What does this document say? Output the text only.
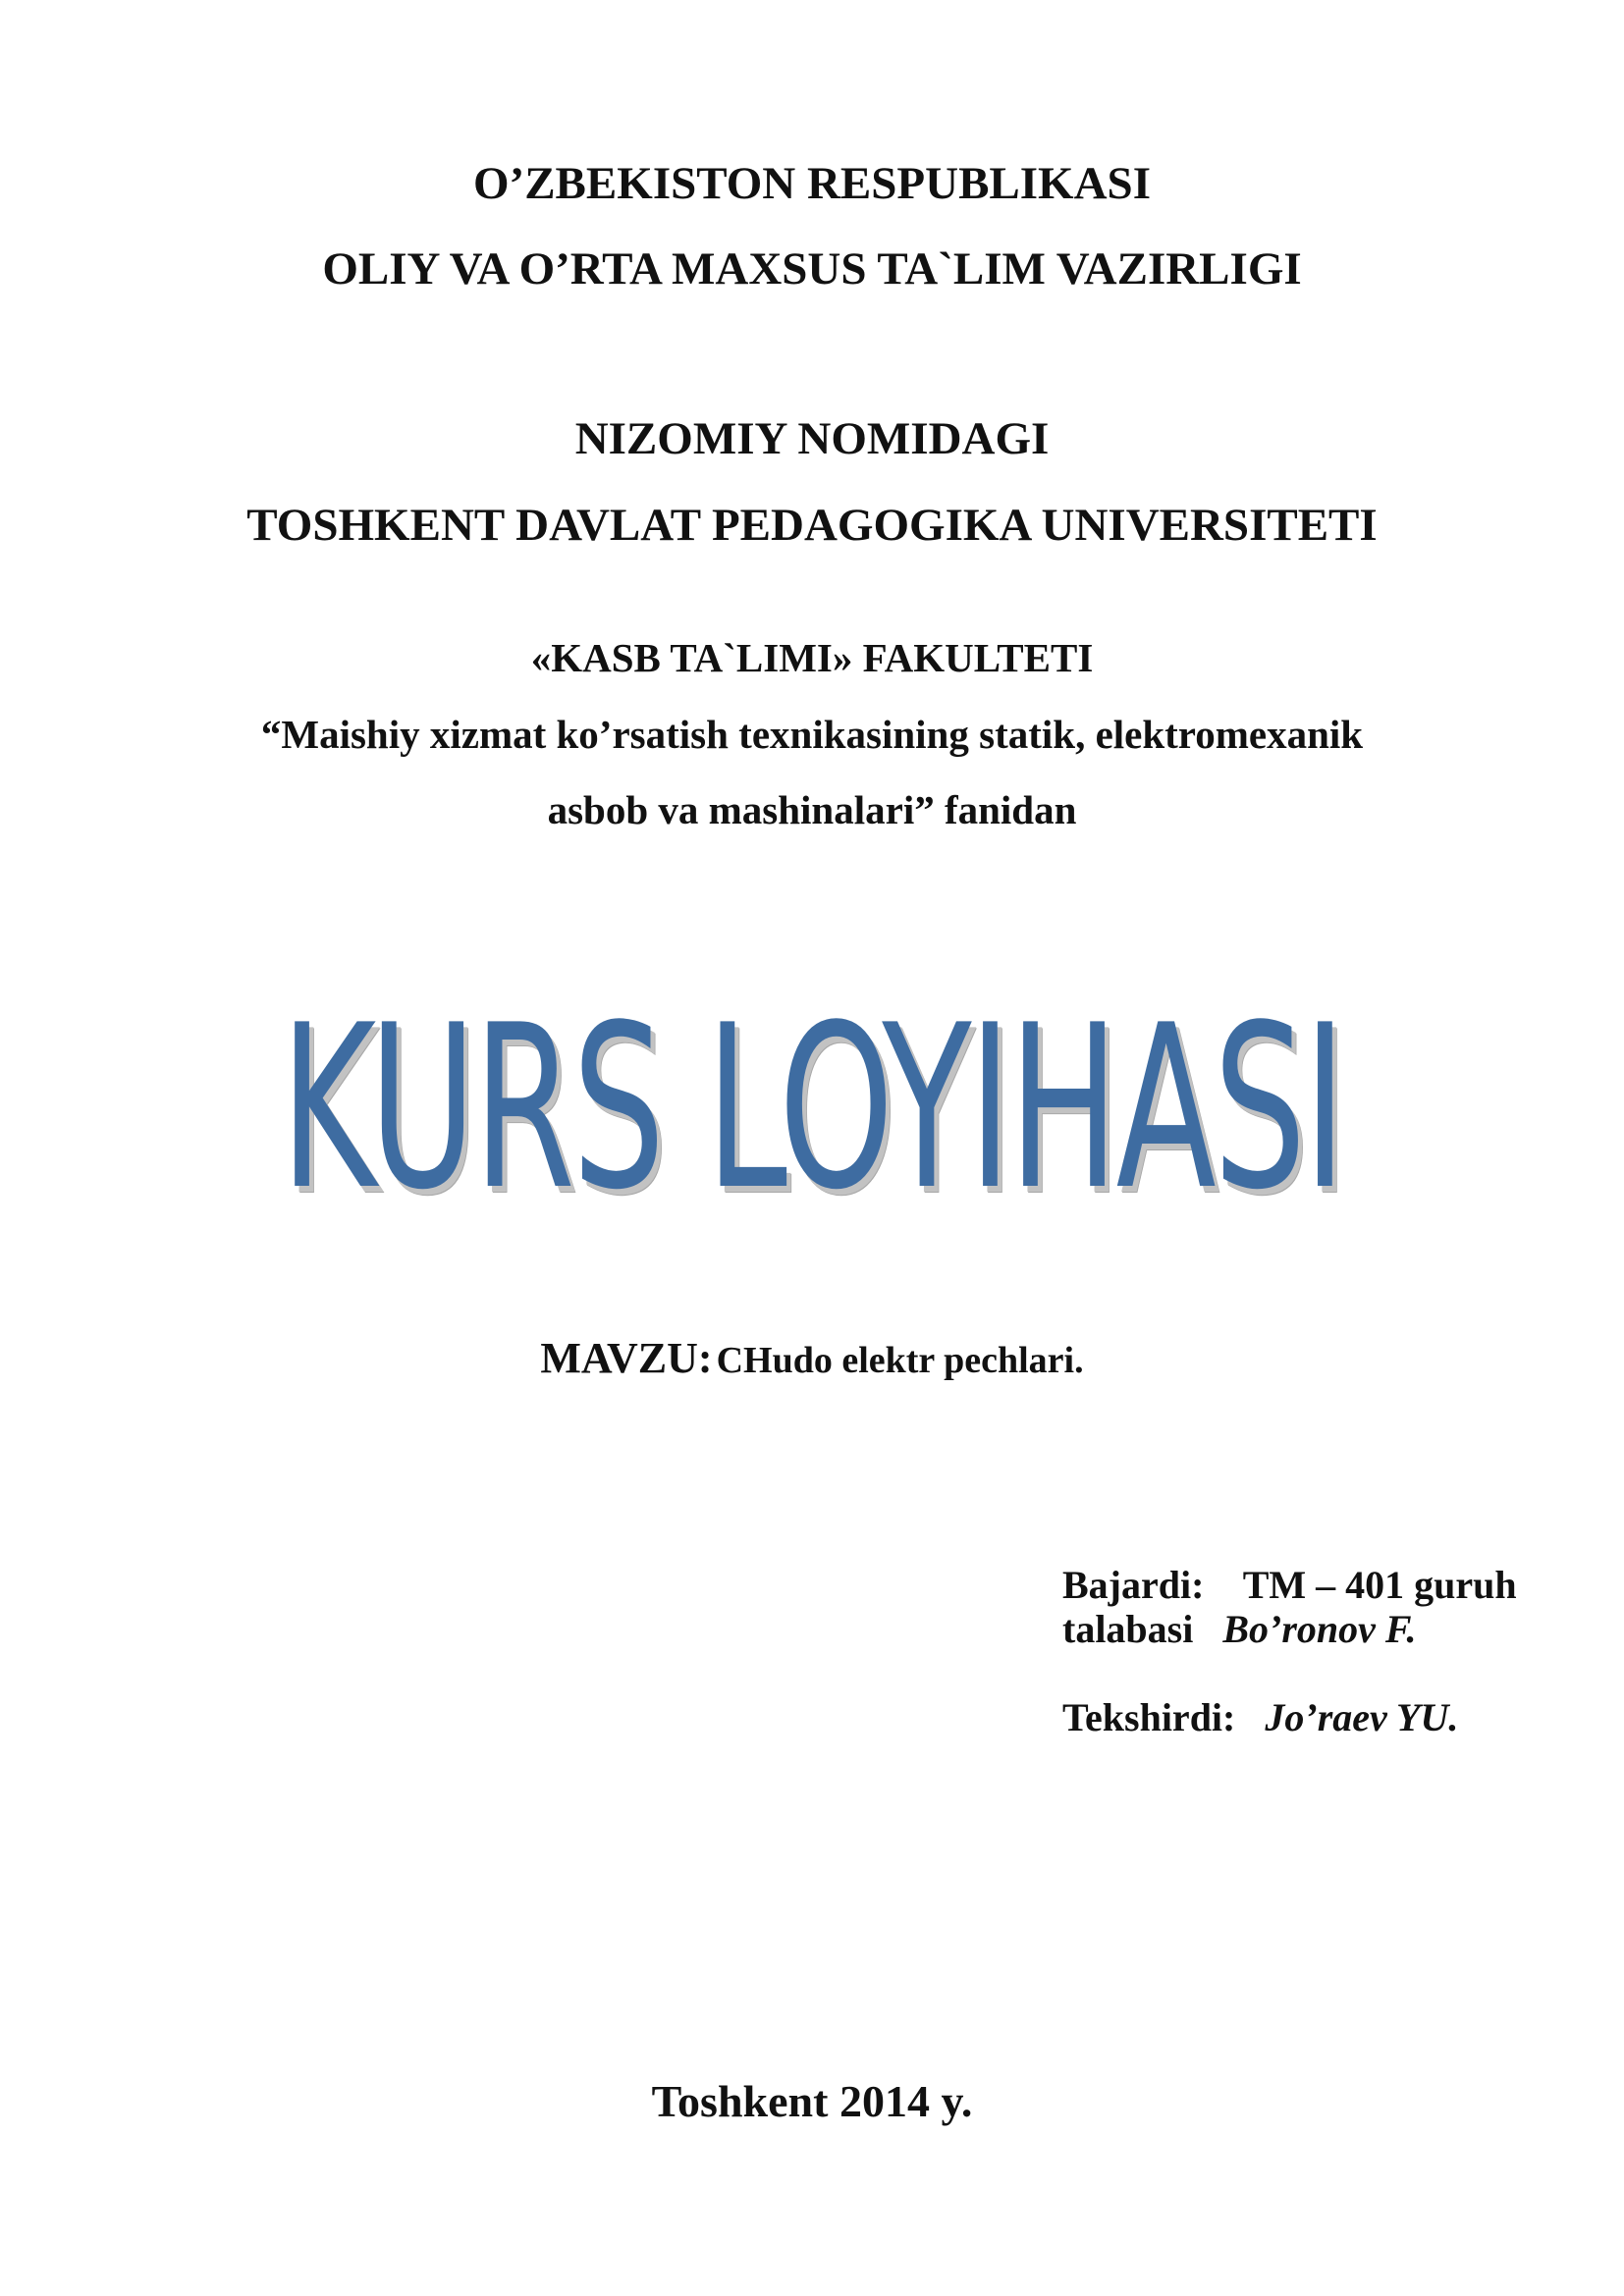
O’ZBEKISTON RESPUBLIKASI
OLIY VA O’RTA MAXSUS TA`LIM VAZIRLIGI
NIZOMIY NOMIDAGI
TOSHKENT DAVLAT PEDAGOGIKA UNIVERSITETI
«KASB TA`LIMI» FAKULTETI
“Maishiy xizmat ko’rsatish texnikasining statik, elektromexanik
asbob va mashinalari” fanidan
KURS LOYIHASI
MAVZU: CHudo elektr pechlari.
Bajardi: TM – 401 guruh
talabasi Bo’ronov F.
Tekshirdi: Jo’raev YU.
Toshkent 2014 y.
